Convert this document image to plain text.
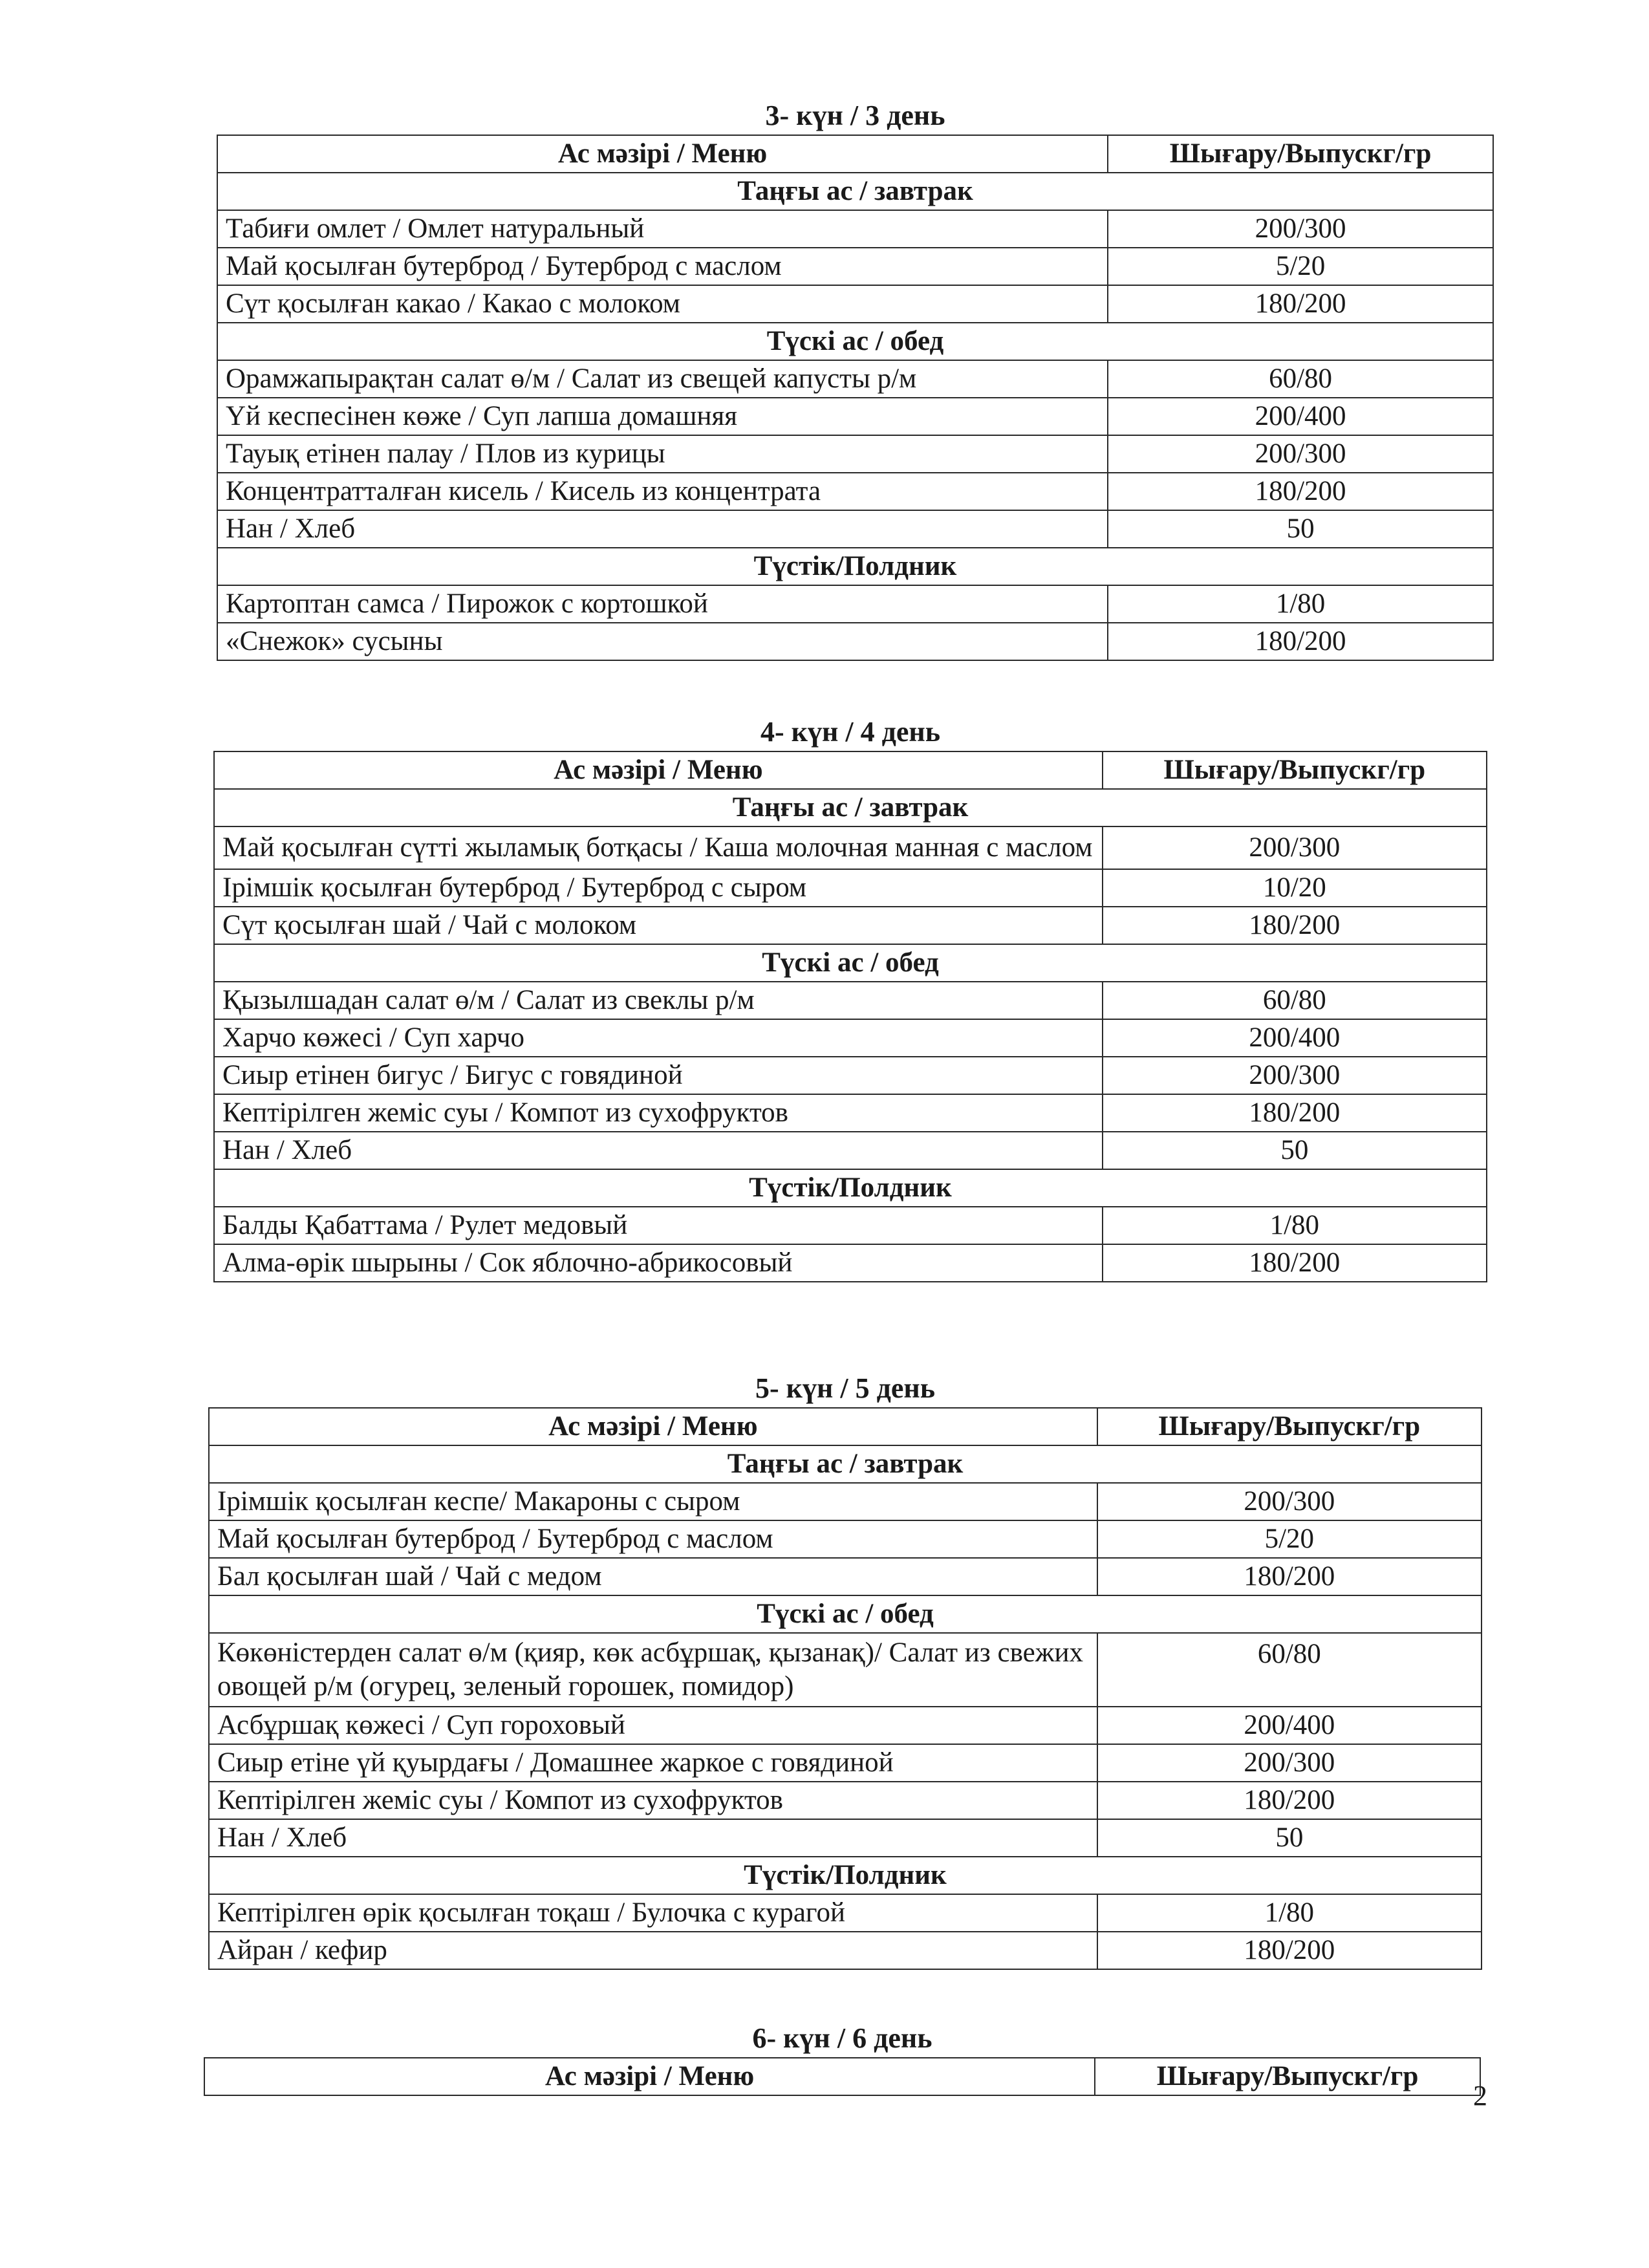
3- күн / 3 день
Ас мәзірі / Меню	Шығару/Выпускг/гр
Таңғы ас / завтрак	
Табиғи омлет / Омлет натуральный	200/300
Май қосылған бутерброд / Бутерброд с маслом	5/20
Сүт қосылған какао / Какао с молоком	180/200
Түскі ас / обед	
Орамжапырақтан салат ө/м / Салат из свещей капусты р/м	60/80
Үй кеспесінен көже / Суп лапша домашняя	200/400
Тауық етінен палау / Плов из курицы	200/300
Концентратталған кисель / Кисель из концентрата	180/200
Нан / Хлеб	50
Түстік/Полдник	
Картоптан самса / Пирожок с кортошкой	1/80
«Снежок» сусыны	180/200
4- күн / 4 день
Ас мәзірі / Меню	Шығару/Выпускг/гр
Таңғы ас / завтрак	
Май қосылған сүтті жыламық ботқасы / Каша молочная манная с маслом	200/300
Ірімшік қосылған бутерброд / Бутерброд с сыром	10/20
Сүт қосылған шай / Чай с молоком	180/200
Түскі ас / обед	
Қызылшадан салат ө/м / Салат из свеклы р/м	60/80
Харчо көжесі / Суп харчо	200/400
Сиыр етінен бигус / Бигус с говядиной	200/300
Кептірілген жеміс суы / Компот из сухофруктов	180/200
Нан / Хлеб	50
Түстік/Полдник	
Балды Қабаттама / Рулет медовый	1/80
Алма-өрік шырыны / Сок яблочно-абрикосовый	180/200
5- күн / 5 день
Ас мәзірі / Меню	Шығару/Выпускг/гр
Таңғы ас / завтрак	
Ірімшік қосылған кеспе/ Макароны с сыром	200/300
Май қосылған бутерброд / Бутерброд с маслом	5/20
Бал қосылған шай / Чай с медом	180/200
Түскі ас / обед	
Көкөністерден салат ө/м (қияр, көк асбұршақ, қызанақ)/ Салат из свежих овощей р/м (огурец, зеленый горошек, помидор)	60/80
Асбұршақ көжесі / Суп гороховый	200/400
Сиыр етіне үй қуырдағы / Домашнее жаркое с говядиной	200/300
Кептірілген жеміс суы / Компот из сухофруктов	180/200
Нан / Хлеб	50
Түстік/Полдник	
Кептірілген өрік қосылған тоқаш / Булочка с курагой	1/80
Айран / кефир	180/200
6- күн / 6 день
Ас мәзірі / Меню	Шығару/Выпускг/гр
2
